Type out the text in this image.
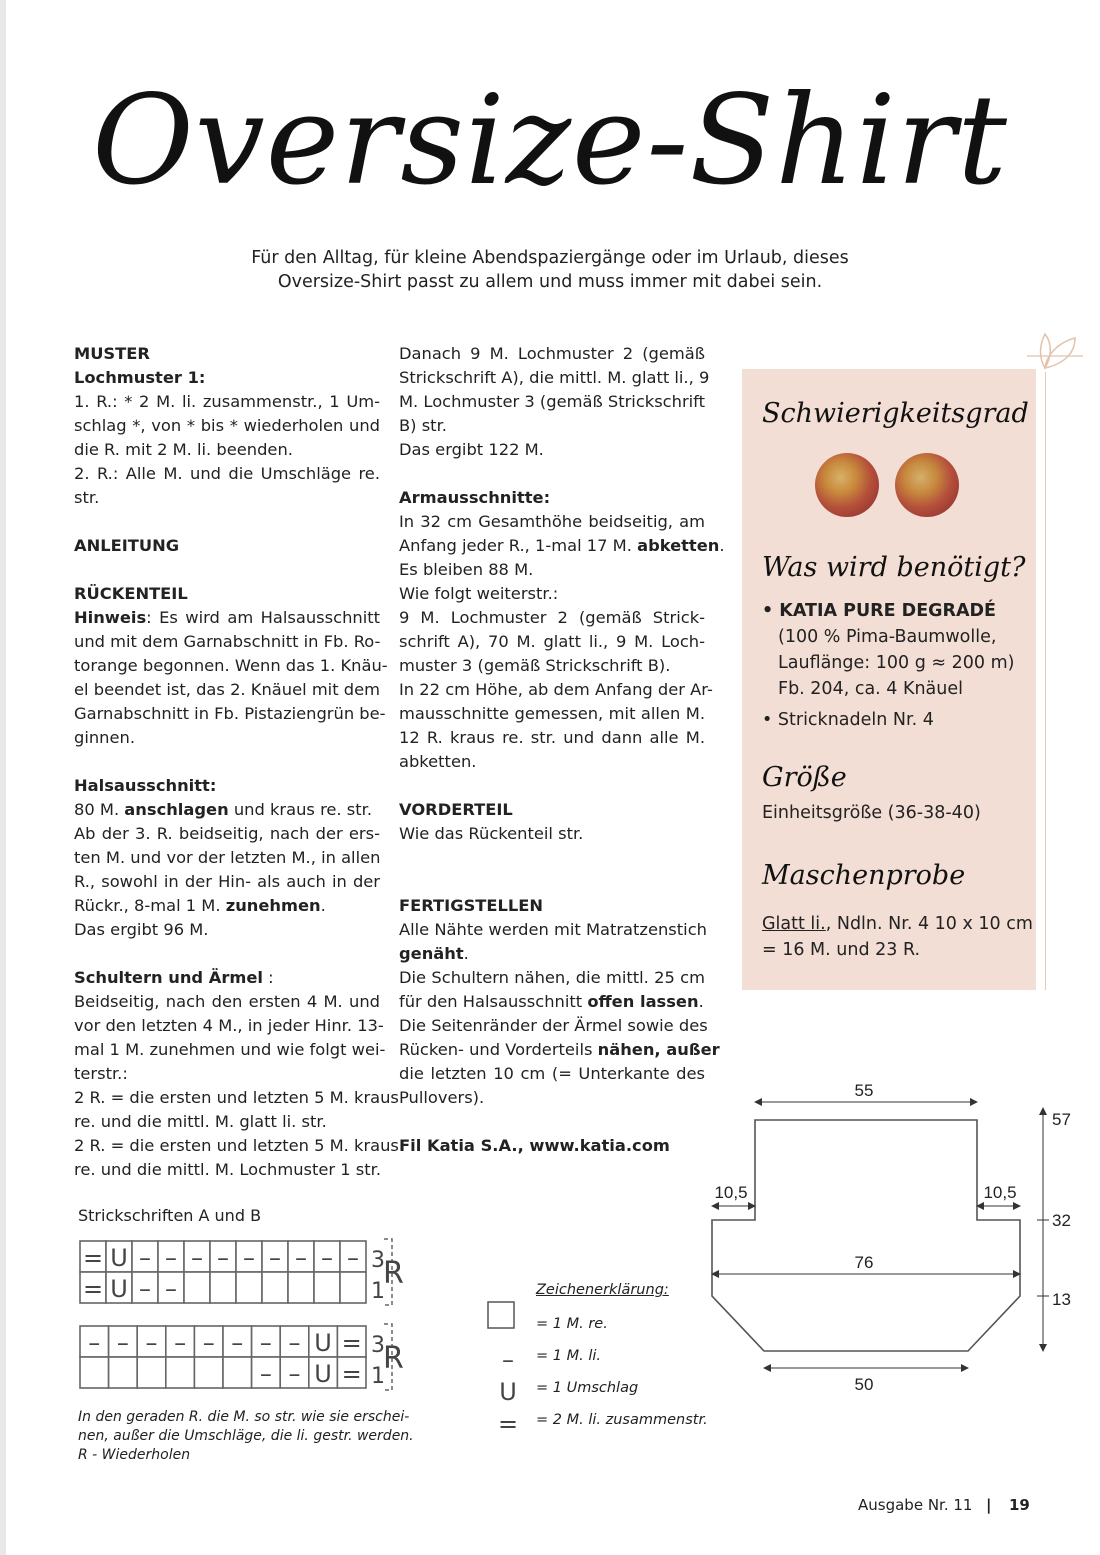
Oversize-Shirt
Für den Alltag, für kleine Abendspaziergänge oder im Urlaub, dieses
Oversize-Shirt passt zu allem und muss immer mit dabei sein.
MUSTER
Lochmuster 1:
1. R.: * 2 M. li. zusammenstr., 1 Um-
schlag *, von * bis * wiederholen und
die R. mit 2 M. li. beenden.
2. R.: Alle M. und die Umschläge re.
str.
ANLEITUNG
RÜCKENTEIL
Hinweis: Es wird am Halsausschnitt
und mit dem Garnabschnitt in Fb. Ro-
torange begonnen. Wenn das 1. Knäu-
el beendet ist, das 2. Knäuel mit dem
Garnabschnitt in Fb. Pistaziengrün be-
ginnen.
Halsausschnitt:
80 M. anschlagen und kraus re. str.
Ab der 3. R. beidseitig, nach der ers-
ten M. und vor der letzten M., in allen
R., sowohl in der Hin- als auch in der
Rückr., 8-mal 1 M. zunehmen.
Das ergibt 96 M.
Schultern und Ärmel :
Beidseitig, nach den ersten 4 M. und
vor den letzten 4 M., in jeder Hinr. 13-
mal 1 M. zunehmen und wie folgt wei-
terstr.:
2 R. = die ersten und letzten 5 M. kraus
re. und die mittl. M. glatt li. str.
2 R. = die ersten und letzten 5 M. kraus
re. und die mittl. M. Lochmuster 1 str.
Danach 9 M. Lochmuster 2 (gemäß
Strickschrift A), die mittl. M. glatt li., 9
M. Lochmuster 3 (gemäß Strickschrift
B) str.
Das ergibt 122 M.
Armausschnitte:
In 32 cm Gesamthöhe beidseitig, am
Anfang jeder R., 1-mal 17 M. abketten.
Es bleiben 88 M.
Wie folgt weiterstr.:
9 M. Lochmuster 2 (gemäß Strick-
schrift A), 70 M. glatt li., 9 M. Loch-
muster 3 (gemäß Strickschrift B).
In 22 cm Höhe, ab dem Anfang der Ar-
mausschnitte gemessen, mit allen M.
12 R. kraus re. str. und dann alle M.
abketten.
VORDERTEIL
Wie das Rückenteil str.
FERTIGSTELLEN
Alle Nähte werden mit Matratzenstich
genäht.
Die Schultern nähen, die mittl. 25 cm
für den Halsausschnitt offen lassen.
Die Seitenränder der Ärmel sowie des
Rücken- und Vorderteils nähen, außer
die letzten 10 cm (= Unterkante des
Pullovers).
Fil Katia S.A., www.katia.com
Schwierigkeitsgrad
Was wird benötigt?
• KATIA PURE DEGRADÉ
(100 % Pima-Baumwolle,
Lauflänge: 100 g ≈ 200 m)
Fb. 204, ca. 4 Knäuel
• Stricknadeln Nr. 4
Größe
Einheitsgröße (36-38-40)
Maschenprobe
Glatt li., Ndln. Nr. 4 10 x 10 cm
= 16 M. und 23 R.
Strickschriften A und B
= U – – – – – – – – –
= U – –
3
1
R
– – – – – – – – U =
– – U =
3
1
R	–
U
=
In den geraden R. die M. so str. wie sie erschei-
nen, außer die Umschläge, die li. gestr. werden.
R - Wiederholen
Zeichenerklärung:
= 1 M. re.
= 1 M. li.
= 1 Umschlag
= 2 M. li. zusammenstr.
55
10,5	10,5
76
50
57
32
13
Ausgabe Nr. 11 | 19
